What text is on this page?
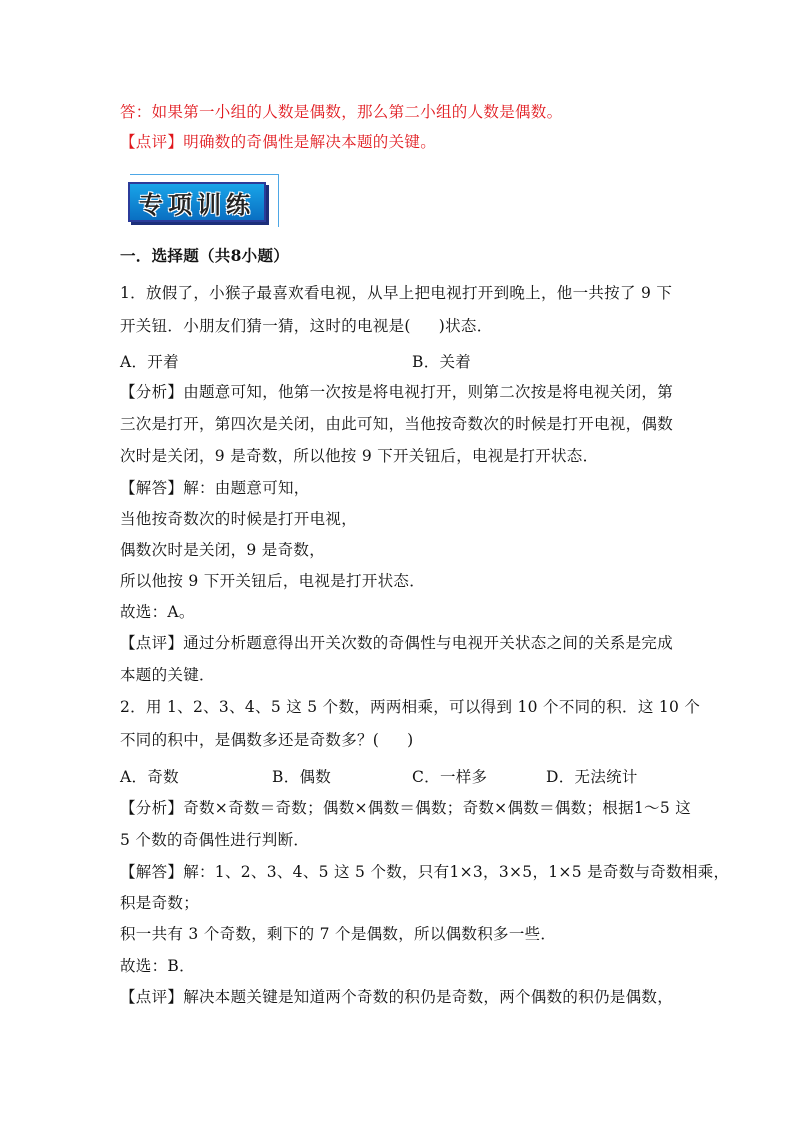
答：如果第一小组的人数是偶数，那么第二小组的人数是偶数。
【点评】明确数的奇偶性是解决本题的关键。
专项训练
一．选择题（共8小题）
1．放假了，小猴子最喜欢看电视，从早上把电视打开到晚上，他一共按了 9 下
开关钮．小朋友们猜一猜，这时的电视是( )状态．
A．开着	B．关着
【分析】由题意可知，他第一次按是将电视打开，则第二次按是将电视关闭，第
三次是打开，第四次是关闭，由此可知，当他按奇数次的时候是打开电视，偶数
次时是关闭，9 是奇数，所以他按 9 下开关钮后，电视是打开状态．
【解答】解：由题意可知，
当他按奇数次的时候是打开电视，
偶数次时是关闭，9 是奇数，
所以他按 9 下开关钮后，电视是打开状态．
故选：A。
【点评】通过分析题意得出开关次数的奇偶性与电视开关状态之间的关系是完成
本题的关键．
2．用 1、2、3、4、5 这 5 个数，两两相乘，可以得到 10 个不同的积．这 10 个
不同的积中，是偶数多还是奇数多？( )
A．奇数	B．偶数	C．一样多	D．无法统计
【分析】奇数×奇数＝奇数；偶数×偶数＝偶数；奇数×偶数＝偶数；根据1～5 这
5 个数的奇偶性进行判断．
【解答】解：1、2、3、4、5 这 5 个数，只有1×3，3×5，1×5 是奇数与奇数相乘，
积是奇数；
积一共有 3 个奇数，剩下的 7 个是偶数，所以偶数积多一些．
故选：B．
【点评】解决本题关键是知道两个奇数的积仍是奇数，两个偶数的积仍是偶数，
